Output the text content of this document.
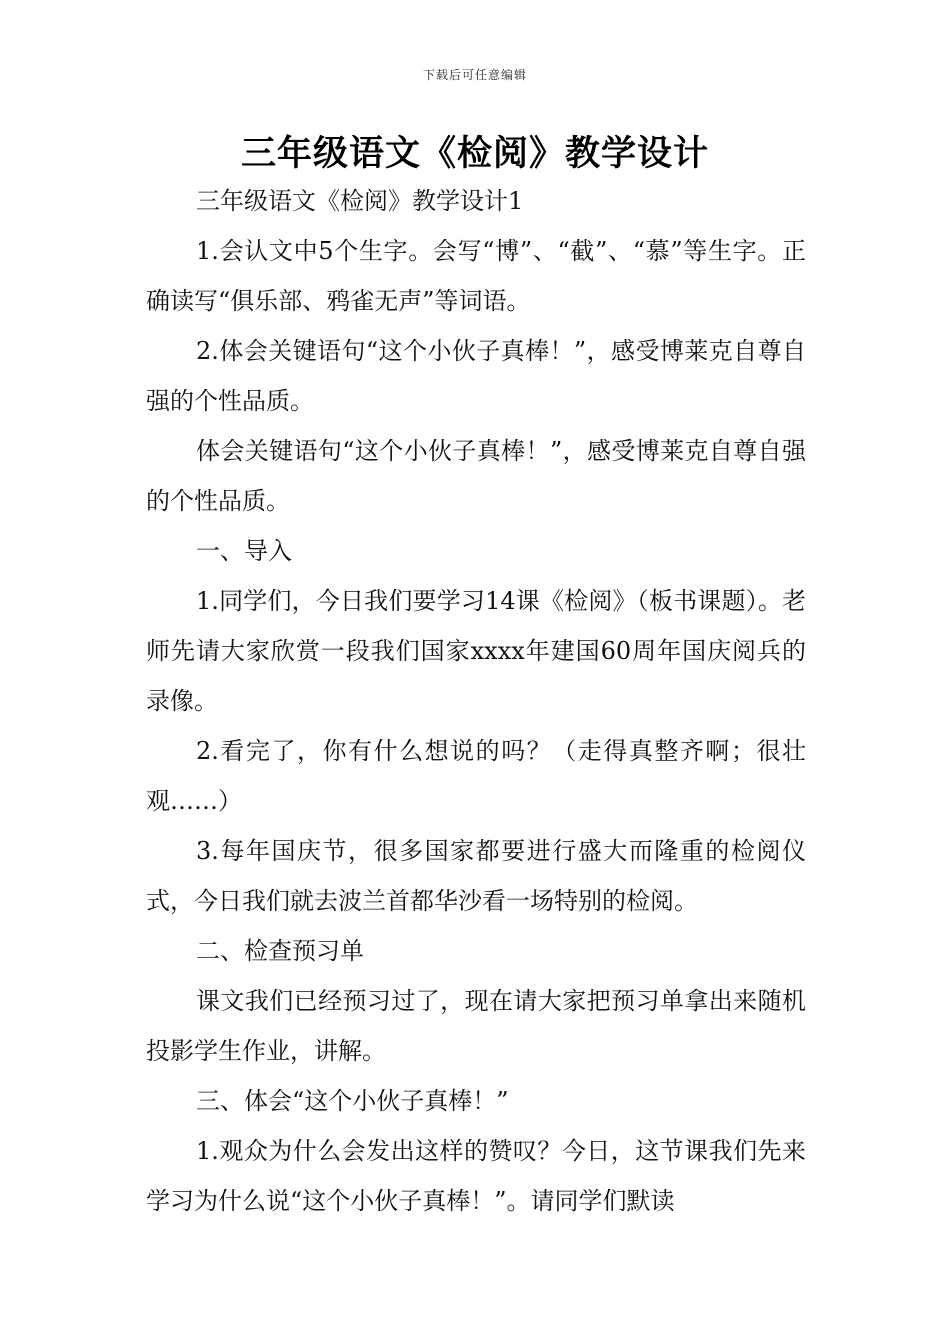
下载后可任意编辑
三年级语文《检阅》教学设计

三年级语文《检阅》教学设计1

1.会认文中5个生字。会写“博”、“截”、“慕”等生字。正确读写“俱乐部、鸦雀无声”等词语。

2.体会关键语句“这个小伙子真棒！”，感受博莱克自尊自强的个性品质。

体会关键语句“这个小伙子真棒！”，感受博莱克自尊自强的个性品质。

一、导入

1.同学们，今日我们要学习14课《检阅》（板书课题）。老师先请大家欣赏一段我们国家xxxx年建国60周年国庆阅兵的录像。

2.看完了，你有什么想说的吗？（走得真整齐啊；很壮观……）

3.每年国庆节，很多国家都要进行盛大而隆重的检阅仪式，今日我们就去波兰首都华沙看一场特别的检阅。

二、检查预习单

课文我们已经预习过了，现在请大家把预习单拿出来随机投影学生作业，讲解。

三、体会“这个小伙子真棒！”

1.观众为什么会发出这样的赞叹？今日，这节课我们先来学习为什么说“这个小伙子真棒！”。请同学们默读
